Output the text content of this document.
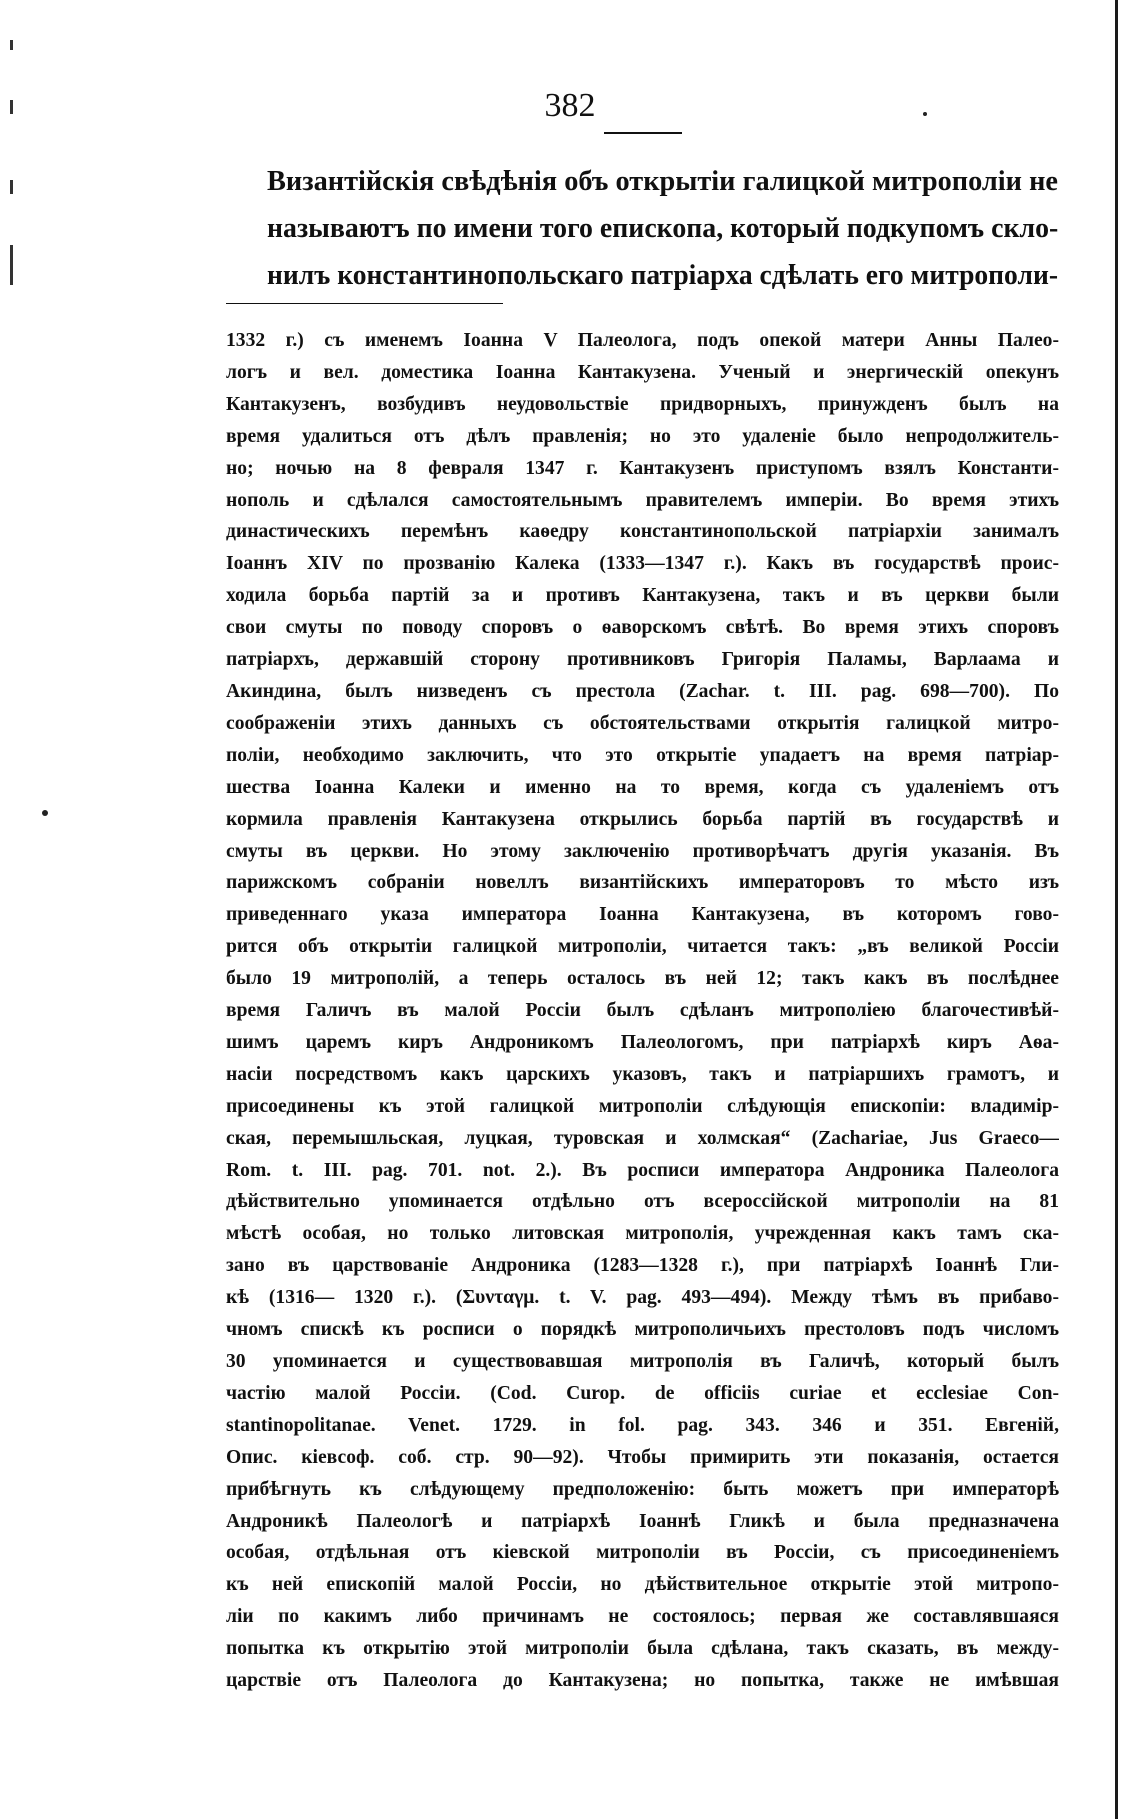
382
Византійскія свѣдѣнія объ открытіи галицкой митрополіи не
называютъ по имени того епископа, который подкупомъ скло-
нилъ константинопольскаго патріарха сдѣлать его митрополи-
1332 г.) съ именемъ Іоанна V Палеолога, подъ опекой матери Анны Палео-
логъ и вел. доместика Іоанна Кантакузена. Ученый и энергическій опекунъ
Кантакузенъ, возбудивъ неудовольствіе придворныхъ, принужденъ былъ на
время удалиться отъ дѣлъ правленія; но это удаленіе было непродолжитель-
но; ночью на 8 февраля 1347 г. Кантакузенъ приступомъ взялъ Константи-
нополь и сдѣлался самостоятельнымъ правителемъ имперіи. Во время этихъ
династическихъ перемѣнъ каѳедру константинопольской патріархіи занималъ
Іоаннъ XIV по прозванію Калека (1333—1347 г.). Какъ въ государствѣ проис-
ходила борьба партій за и противъ Кантакузена, такъ и въ церкви были
свои смуты по поводу споровъ о ѳаворскомъ свѣтѣ. Во время этихъ споровъ
патріархъ, державшій сторону противниковъ Григорія Паламы, Варлаама и
Акиндина, былъ низведенъ съ престола (Zachar. t. III. pag. 698—700). По
соображеніи этихъ данныхъ съ обстоятельствами открытія галицкой митро-
поліи, необходимо заключить, что это открытіе упадаетъ на время патріар-
шества Іоанна Калеки и именно на то время, когда съ удаленіемъ отъ
кормила правленія Кантакузена открылись борьба партій въ государствѣ и
смуты въ церкви. Но этому заключенію противорѣчатъ другія указанія. Въ
парижскомъ собраніи новеллъ византійскихъ императоровъ то мѣсто изъ
приведеннаго указа императора Іоанна Кантакузена, въ которомъ гово-
рится объ открытіи галицкой митрополіи, читается такъ: „въ великой Россіи
было 19 митрополій, а теперь осталось въ ней 12; такъ какъ въ послѣднее
время Галичъ въ малой Россіи былъ сдѣланъ митрополіею благочестивѣй-
шимъ царемъ киръ Андроникомъ Палеологомъ, при патріархѣ киръ Аѳа-
насіи посредствомъ какъ царскихъ указовъ, такъ и патріаршихъ грамотъ, и
присоединены къ этой галицкой митрополіи слѣдующія епископіи: владимір-
ская, перемышльская, луцкая, туровская и холмская“ (Zachariae, Jus Graeco—
Rom. t. III. pag. 701. not. 2.). Въ росписи императора Андроника Палеолога
дѣйствительно упоминается отдѣльно отъ всероссійской митрополіи на 81
мѣстѣ особая, но только литовская митрополія, учрежденная какъ тамъ ска-
зано въ царствованіе Андроника (1283—1328 г.), при патріархѣ Іоаннѣ Гли-
кѣ (1316— 1320 г.). (Συνταγμ. t. V. pag. 493—494). Между тѣмъ въ прибаво-
чномъ спискѣ къ росписи о порядкѣ митрополичьихъ престоловъ подъ числомъ
30 упоминается и существовавшая митрополія въ Галичѣ, который былъ
частію малой Россіи. (Cod. Curop. de officiis curiae et ecclesiae Con-
stantinopolitanae. Venet. 1729. in fol. pag. 343. 346 и 351. Евгеній,
Опис. кіевсоф. соб. стр. 90—92). Чтобы примирить эти показанія, остается
прибѣгнуть къ слѣдующему предположенію: быть можетъ при императорѣ
Андроникѣ Палеологѣ и патріархѣ Іоаннѣ Гликѣ и была предназначена
особая, отдѣльная отъ кіевской митрополіи въ Россіи, съ присоединеніемъ
къ ней епископій малой Россіи, но дѣйствительное открытіе этой митропо-
ліи по какимъ либо причинамъ не состоялось; первая же составлявшаяся
попытка къ открытію этой митрополіи была сдѣлана, такъ сказать, въ между-
царствіе отъ Палеолога до Кантакузена; но попытка, также не имѣвшая
